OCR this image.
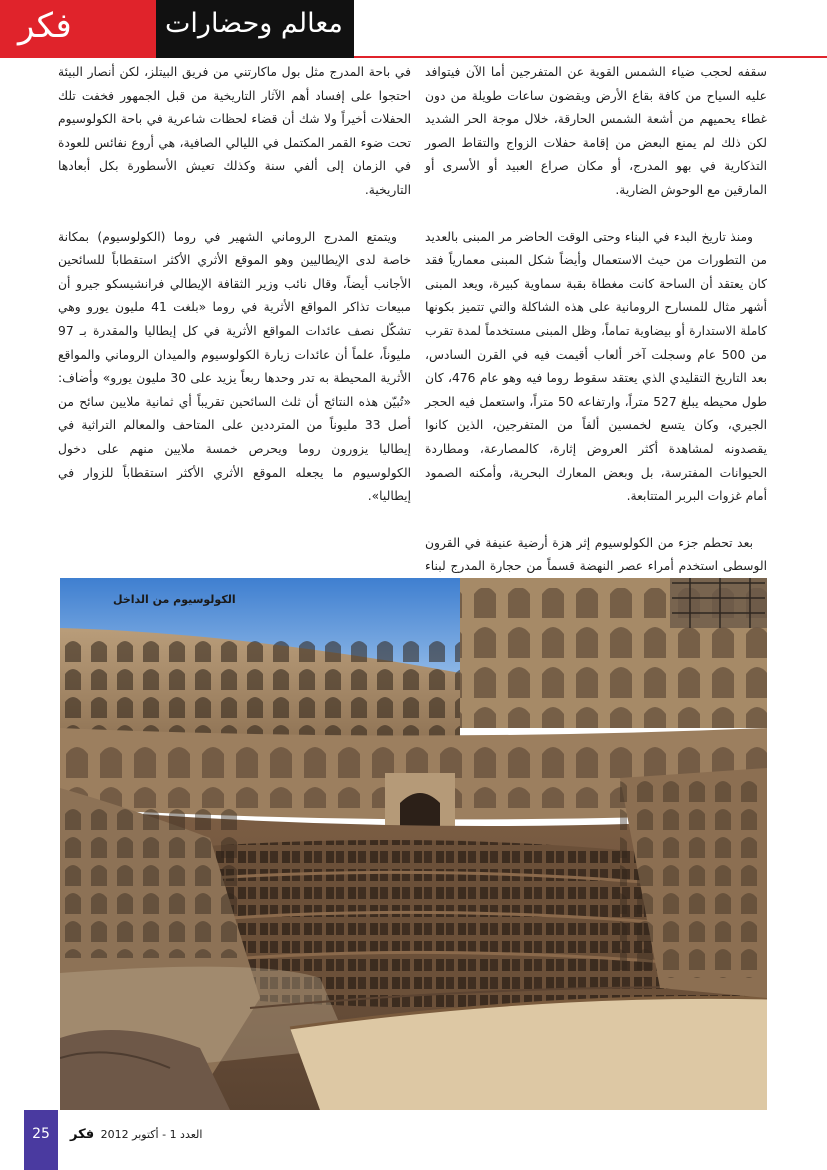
فكر	معالم وحضارات

سقفه لحجب ضياء الشمس القوية عن المتفرجين أما الآن فيتوافد عليه السياح من كافة بقاع الأرض ويقضون ساعات طويلة من دون غطاء يحميهم من أشعة الشمس الحارقة، خلال موجة الحر الشديد لكن ذلك لم يمنع البعض من إقامة حفلات الزواج والتقاط الصور التذكارية في بهو المدرج، أو مكان صراع العبيد أو الأسرى أو المارقين مع الوحوش الضارية.

ومنذ تاريخ البدء في البناء وحتى الوقت الحاضر مر المبنى بالعديد من التطورات من حيث الاستعمال وأيضاً شكل المبنى معمارياً فقد كان يعتقد أن الساحة كانت مغطاة بقبة سماوية كبيرة، ويعد المبنى أشهر مثال للمسارح الرومانية على هذه الشاكلة والتي تتميز بكونها كاملة الاستدارة أو بيضاوية تماماً، وظل المبنى مستخدماً لمدة تقرب من 500 عام وسجلت آخر ألعاب أقيمت فيه في القرن السادس، بعد التاريخ التقليدي الذي يعتقد سقوط روما فيه وهو عام 476، كان طول محيطه يبلغ 527 متراً، وارتفاعه 50 متراً، واستعمل فيه الحجر الجيري، وكان يتسع لخمسين ألفاً من المتفرجين، الذين كانوا يقصدونه لمشاهدة أكثر العروض إثارة، كالمصارعة، ومطاردة الحيوانات المفترسة، بل وبعض المعارك البحرية، وأمكنه الصمود أمام غزوات البربر المتتابعة.

بعد تحطم جزء من الكولوسيوم إثر هزة أرضية عنيفة في القرون الوسطى استخدم أمراء عصر النهضة قسماً من حجارة المدرج لبناء

في باحة المدرج مثل بول ماكارتني من فريق البيتلز، لكن أنصار البيئة احتجوا على إفساد أهم الآثار التاريخية من قبل الجمهور فخفت تلك الحفلات أخيراً ولا شك أن قضاء لحظات شاعرية في باحة الكولوسيوم تحت ضوء القمر المكتمل في الليالي الصافية، هي أروع نفائس للعودة في الزمان إلى ألفي سنة وكذلك تعيش الأسطورة بكل أبعادها التاريخية.

ويتمتع المدرج الروماني الشهير في روما (الكولوسيوم) بمكانة خاصة لدى الإيطاليين وهو الموقع الأثري الأكثر استقطاباً للسائحين الأجانب أيضاً، وقال نائب وزير الثقافة الإيطالي فرانشيسكو جيرو أن مبيعات تذاكر المواقع الأثرية في روما «بلغت 41 مليون يورو وهي تشكّل نصف عائدات المواقع الأثرية في كل إيطاليا والمقدرة بـ 97 مليوناً، علماً أن عائدات زيارة الكولوسيوم والميدان الروماني والمواقع الأثرية المحيطة به تدر وحدها ربعاً يزيد على 30 مليون يورو» وأضاف: «تُبيّن هذه النتائج أن ثلث السائحين تقريباً أي ثمانية ملايين سائح من أصل 33 مليوناً من المترددين على المتاحف والمعالم التراثية في إيطاليا يزورون روما ويحرص خمسة ملايين منهم على دخول الكولوسيوم ما يجعله الموقع الأثري الأكثر استقطاباً للزوار في إيطاليا».

الكولوسيوم من الداخل
25	العدد 1 - أكتوبر 2012 فكر
